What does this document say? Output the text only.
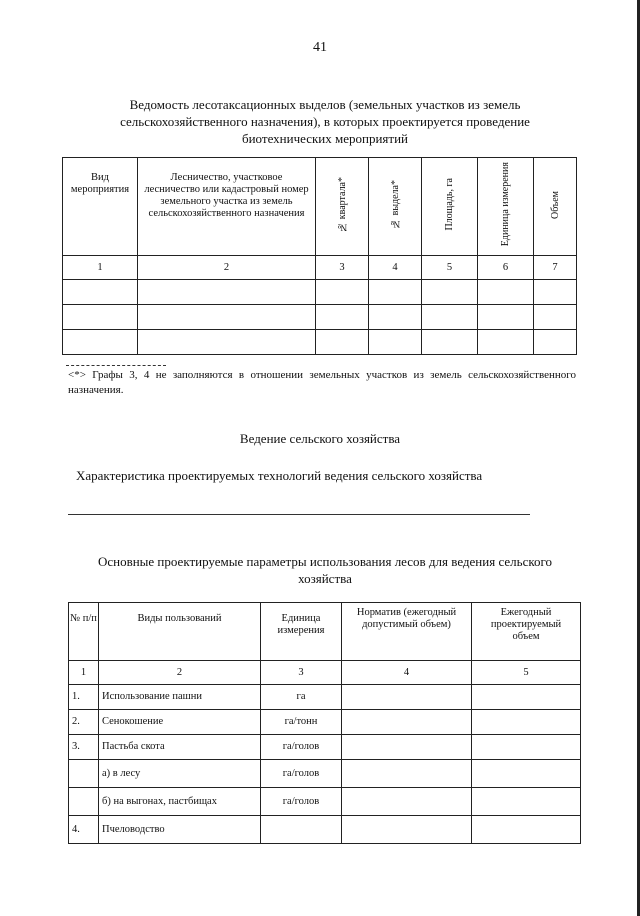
41
Ведомость лесотаксационных выделов (земельных участков из земель
сельскохозяйственного назначения), в которых проектируется проведение
биотехнических мероприятий
Вид мероприятия	Лесничество, участковое лесничество или кадастровый номер земельного участка из земель сельскохозяйственного назначения	№ квартала*	№ выдела*	Площадь, га	Единица измерения	Объем
1	2	3	4	5	6	7

<*> Графы 3, 4 не заполняются в отношении земельных участков из земель сельскохозяйственного назначения.
Ведение сельского хозяйства
Характеристика проектируемых технологий ведения сельского хозяйства
Основные проектируемые параметры использования лесов для ведения сельского
хозяйства
№ п/п	Виды пользований	Единица измерения	Норматив (ежегодный допустимый объем)	Ежегодный проектируемый объем
1	2	3	4	5
1.	Использование пашни	га		
2.	Сенокошение	га/тонн		
3.	Пастьба скота	га/голов		
	а) в лесу	га/голов		
	б) на выгонах, пастбищах	га/голов		
4.	Пчеловодство			
